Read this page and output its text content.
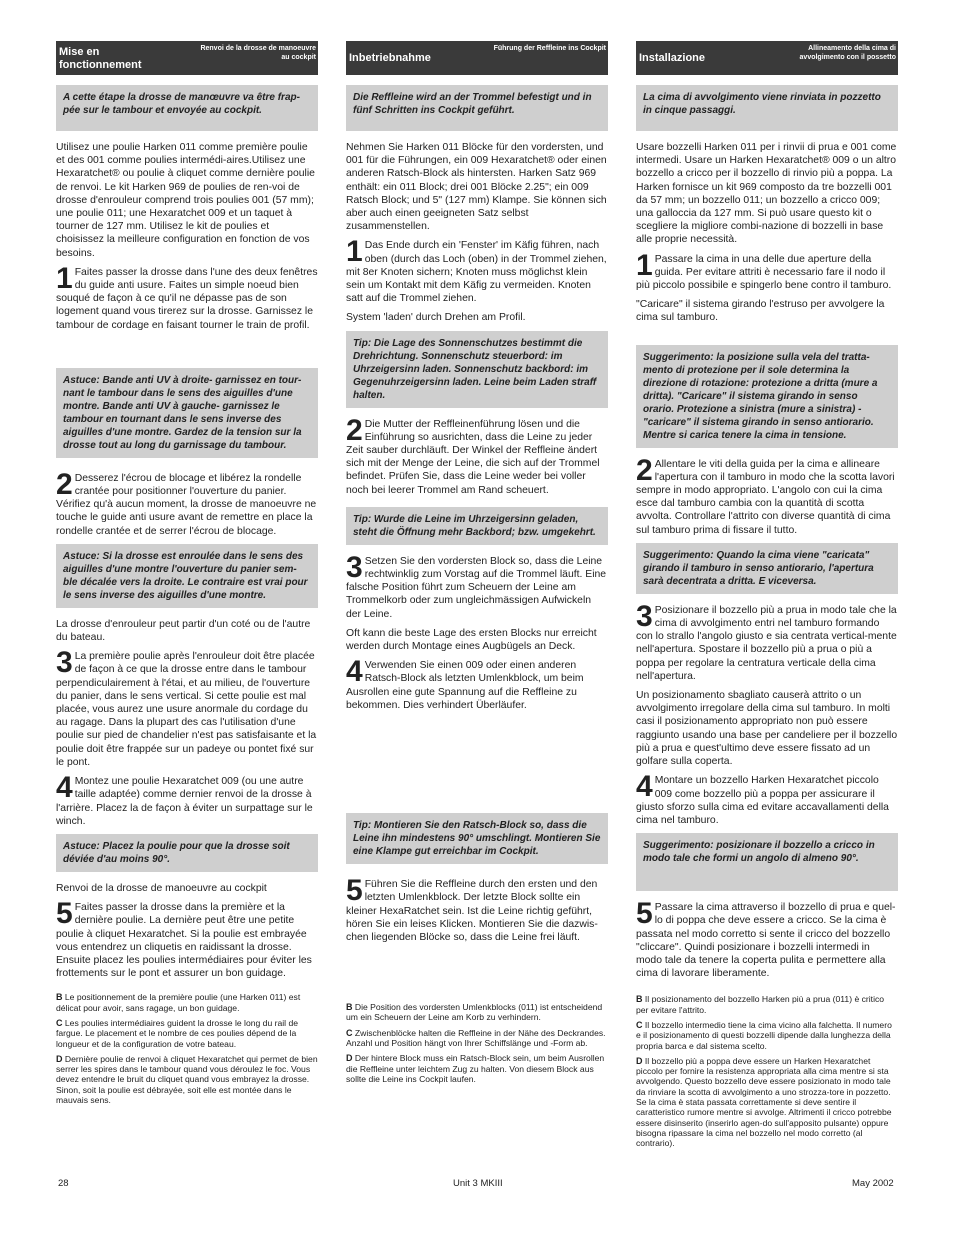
Mise en fonctionnement
Renvoi de la drosse de manoeuvre au cockpit
A cette étape la drosse de manœuvre va être frap-pée sur le tambour et envoyée au cockpit.
Utilisez une poulie Harken 011 comme première poulie et des 001 comme poulies intermédi-aires.Utilisez une Hexaratchet® ou poulie à cliquet comme dernière poulie de renvoi. Le kit Harken 969 de poulies de ren-voi de drosse d'enrouleur comprend trois poulies 001 (57 mm); une poulie 011; une Hexaratchet 009 et un taquet à tourner de 127 mm. Utilisez le kit de poulies et choisissez la meilleure configuration en fonction de vos besoins.
1 Faites passer la drosse dans l'une des deux fenêtres du guide anti usure. Faites un simple noeud bien souqué de façon à ce qu'il ne dépasse pas de son logement quand vous tirerez sur la drosse. Garnissez le tambour de cordage en faisant tourner le train de profil.
Astuce: Bande anti UV à droite- garnissez en tour-nant le tambour dans le sens des aiguilles d'une montre. Bande anti UV à gauche- garnissez le tambour en tournant dans le sens inverse des aiguilles d'une montre. Gardez de la tension sur la drosse tout au long du garnissage du tambour.
2 Desserez l'écrou de blocage et libérez la rondelle crantée pour positionner l'ouverture du panier. Vérifiez qu'à aucun moment, la drosse de manoeuvre ne touche le guide anti usure avant de remettre en place la rondelle crantée et de serrer l'écrou de blocage.
Astuce: Si la drosse est enroulée dans le sens des aiguilles d'une montre l'ouverture du panier sem-ble décalée vers la droite. Le contraire est vrai pour le sens inverse des aiguilles d'une montre.
La drosse d'enrouleur peut partir d'un coté ou de l'autre du bateau.
3 La première poulie après l'enrouleur doit être placée de façon à ce que la drosse entre dans le tambour perpendiculairement à l'étai, et au milieu, de l'ouverture du panier, dans le sens vertical. Si cette poulie est mal placée, vous aurez une usure anormale du cordage du au ragage. Dans la plupart des cas l'utilisation d'une poulie sur pied de chandelier n'est pas satisfaisante et la poulie doit être frappée sur un padeye ou pontet fixé sur le pont.
4 Montez une poulie Hexaratchet 009 (ou une autre taille adaptée) comme dernier renvoi de la drosse à l'arrière. Placez la de façon à éviter un surpattage sur le winch.
Astuce: Placez la poulie pour que la drosse soit déviée d'au moins 90°.
Renvoi de la drosse de manoeuvre au cockpit
5 Faites passer la drosse dans la première et la dernière poulie. La dernière peut être une petite poulie à cliquet Hexaratchet. Si la poulie est embrayée vous entendrez un cliquetis en raidissant la drosse. Ensuite placez les poulies intermédiaires pour éviter les frottements sur le pont et assurer un bon guidage.
B Le positionnement de la première poulie (une Harken 011) est délicat pour avoir, sans ragage, un bon guidage.
C Les poulies intermédiaires guident la drosse le long du rail de fargue. Le placement et le nombre de ces poulies dépend de la longueur et de la configuration de votre bateau.
D Dernière poulie de renvoi à cliquet Hexaratchet qui permet de bien serrer les spires dans le tambour quand vous déroulez le foc. Vous devez entendre le bruit du cliquet quand vous embrayez la drosse. Sinon, soit la poulie est débrayée, soit elle est montée dans le mauvais sens.
Inbetriebnahme
Führung der Reffleine ins Cockpit
Die Reffleine wird an der Trommel befestigt und in fünf Schritten ins Cockpit geführt.
Nehmen Sie Harken 011 Blöcke für den vordersten, und 001 für die Führungen, ein 009 Hexaratchet® oder einen anderen Ratsch-Block als hintersten. Harken Satz 969 enthält: ein 011 Block; drei 001 Blöcke 2.25"; ein 009 Ratsch Block; und 5" (127 mm) Klampe. Sie können sich aber auch einen geeigneten Satz selbst zusammenstellen.
1 Das Ende durch ein 'Fenster' im Käfig führen, nach oben (durch das Loch (oben) in der Trommel ziehen, mit 8er Knoten sichern; Knoten muss möglichst klein sein um Kontakt mit dem Käfig zu vermeiden. Knoten satt auf die Trommel ziehen.
System 'laden' durch Drehen am Profil.
Tip: Die Lage des Sonnenschutzes bestimmt die Drehrichtung. Sonnenschutz steuerbord: im Uhrzeigersinn laden. Sonnenschutz backbord: im Gegenuhrzeigersinn laden. Leine beim Laden straff halten.
2 Die Mutter der Reffleinenführung lösen und die Einführung so ausrichten, dass die Leine zu jeder Zeit sauber durchläuft. Der Winkel der Reffleine ändert sich mit der Menge der Leine, die sich auf der Trommel befindet. Prüfen Sie, dass die Leine weder bei voller noch bei leerer Trommel am Rand scheuert.
Tip: Wurde die Leine im Uhrzeigersinn geladen, steht die Öffnung mehr Backbord; bzw. umgekehrt.
3 Setzen Sie den vordersten Block so, dass die Leine rechtwinklig zum Vorstag auf die Trommel läuft. Eine falsche Position führt zum Scheuern der Leine am Trommelkorb oder zum ungleichmässigen Aufwickeln der Leine.
Oft kann die beste Lage des ersten Blocks nur erreicht werden durch Montage eines Augbügels an Deck.
4 Verwenden Sie einen 009 oder einen anderen Ratsch-Block als letzten Umlenkblock, um beim Ausrollen eine gute Spannung auf die Reffleine zu bekommen. Dies verhindert Überläufer.
Tip: Montieren Sie den Ratsch-Block so, dass die Leine ihn mindestens 90° umschlingt. Montieren Sie eine Klampe gut erreichbar im Cockpit.
5 Führen Sie die Reffleine durch den ersten und den letzten Umlenkblock. Der letzte Block sollte ein kleiner HexaRatchet sein. Ist die Leine richtig geführt, hören Sie ein leises Klicken. Montieren Sie die dazwis-chen liegenden Blöcke so, dass die Leine frei läuft.
B Die Position des vordersten Umlenkblocks (011) ist entscheidend um ein Scheuern der Leine am Korb zu verhindern.
C Zwischenblöcke halten die Reffleine in der Nähe des Deckrandes. Anzahl und Position hängt von Ihrer Schiffslänge und -Form ab.
D Der hintere Block muss ein Ratsch-Block sein, um beim Ausrollen die Reffleine unter leichtem Zug zu halten. Von diesem Block aus sollte die Leine ins Cockpit laufen.
Installazione
Allineamento della cima di avvolgimento con il possetto
La cima di avvolgimento viene rinviata in pozzetto in cinque passaggi.
Usare bozzelli Harken 011 per i rinvii di prua e 001 come intermedi. Usare un Harken Hexaratchet® 009 o un altro bozzello a cricco per il bozzello di rinvio più a poppa. La Harken fornisce un kit 969 composto da tre bozzelli 001 da 57 mm; un bozzello 011; un bozzello a cricco 009; una galloccia da 127 mm. Si può usare questo kit o scegliere la migliore combi-nazione di bozzelli in base alle proprie necessità.
1 Passare la cima in una delle due aperture della guida. Per evitare attriti è necessario fare il nodo il più piccolo possibile e spingerlo bene contro il tamburo.
"Caricare" il sistema girando l'estruso per avvolgere la cima sul tamburo.
Suggerimento: la posizione sulla vela del tratta-mento di protezione per il sole determina la direzione di rotazione: protezione a dritta (mure a dritta). "Caricare" il sistema girando in senso orario. Protezione a sinistra (mure a sinistra) - "caricare" il sistema girando in senso antiorario. Mentre si carica tenere la cima in tensione.
2 Allentare le viti della guida per la cima e allineare l'apertura con il tamburo in modo che la scotta lavori sempre in modo appropriato. L'angolo con cui la cima esce dal tamburo cambia con la quantità di scotta avvolta. Controllare l'attrito con diverse quantità di cima sul tamburo prima di fissare il tutto.
Suggerimento: Quando la cima viene "caricata" girando il tamburo in senso antiorario, l'apertura sarà decentrata a dritta. E viceversa.
3 Posizionare il bozzello più a prua in modo tale che la cima di avvolgimento entri nel tamburo formando con lo strallo l'angolo giusto e sia centrata vertical-mente nell'apertura. Spostare il bozzello più a prua o più a poppa per regolare la centratura verticale della cima nell'apertura.
Un posizionamento sbagliato causerà attrito o un avvolgimento irregolare della cima sul tamburo. In molti casi il posizionamento appropriato non può essere raggiunto usando una base per candeliere per il bozzello più a prua e quest'ultimo deve essere fissato ad un golfare sulla coperta.
4 Montare un bozzello Harken Hexaratchet piccolo 009 come bozzello più a poppa per assicurare il giusto sforzo sulla cima ed evitare accavallamenti della cima nel tamburo.
Suggerimento: posizionare il bozzello a cricco in modo tale che formi un angolo di almeno 90°.
5 Passare la cima attraverso il bozzello di prua e quel-lo di poppa che deve essere a cricco. Se la cima è passata nel modo corretto si sente il cricco del bozzello "cliccare". Quindi posizionare i bozzelli intermedi in modo tale da tenere la coperta pulita e permettere alla cima di lavorare liberamente.
B Il posizionamento del bozzello Harken più a prua (011) è critico per evitare l'attrito.
C Il bozzello intermedio tiene la cima vicino alla falchetta. Il numero e il posizionamento di questi bozzelli dipende dalla lunghezza della propria barca e dal sistema scelto.
D Il bozzello più a poppa deve essere un Harken Hexaratchet piccolo per fornire la resistenza appropriata alla cima mentre si sta avvolgendo. Questo bozzello deve essere posizionato in modo tale da rinviare la scotta di avvolgimento a uno strozza-tore in pozzetto. Se la cima è stata passata correttamente si deve sentire il caratteristico rumore mentre si avvolge. Altrimenti il cricco potrebbe essere disinserito (inserirlo agen-do sull'apposito pulsante) oppure bisogna ripassare la cima nel bozzello nel modo corretto (al contrario).
28	Unit 3 MKIII	May 2002
